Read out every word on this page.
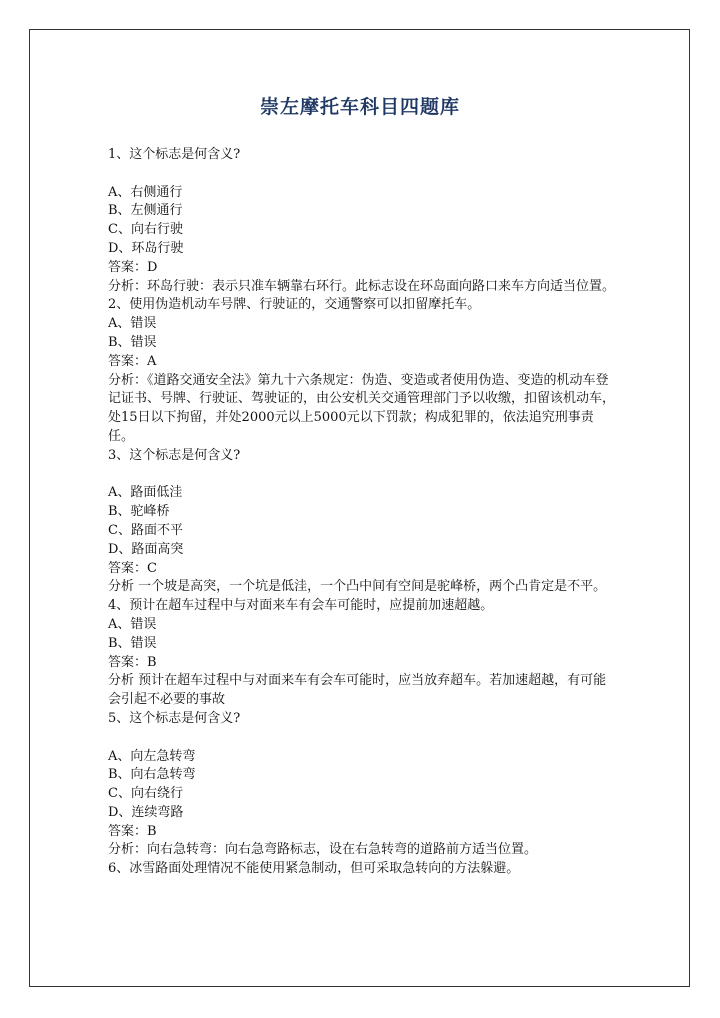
崇左摩托车科目四题库
1、这个标志是何含义?
A、右侧通行
B、左侧通行
C、向右行驶
D、环岛行驶
答案：D
分析：环岛行驶：表示只准车辆靠右环行。此标志设在环岛面向路口来车方向适当位置。
2、使用伪造机动车号牌、行驶证的，交通警察可以扣留摩托车。
A、错误
B、错误
答案：A
分析：《道路交通安全法》第九十六条规定：伪造、变造或者使用伪造、变造的机动车登记证书、号牌、行驶证、驾驶证的，由公安机关交通管理部门予以收缴，扣留该机动车，处15日以下拘留，并处2000元以上5000元以下罚款；构成犯罪的，依法追究刑事责任。
3、这个标志是何含义?
A、路面低洼
B、驼峰桥
C、路面不平
D、路面高突
答案：C
分析 一个坡是高突，一个坑是低洼，一个凸中间有空间是驼峰桥，两个凸肯定是不平。
4、预计在超车过程中与对面来车有会车可能时，应提前加速超越。
A、错误
B、错误
答案：B
分析 预计在超车过程中与对面来车有会车可能时，应当放弃超车。若加速超越，有可能会引起不必要的事故
5、这个标志是何含义?
A、向左急转弯
B、向右急转弯
C、向右绕行
D、连续弯路
答案：B
分析：向右急转弯：向右急弯路标志，设在右急转弯的道路前方适当位置。
6、冰雪路面处理情况不能使用紧急制动，但可采取急转向的方法躲避。
